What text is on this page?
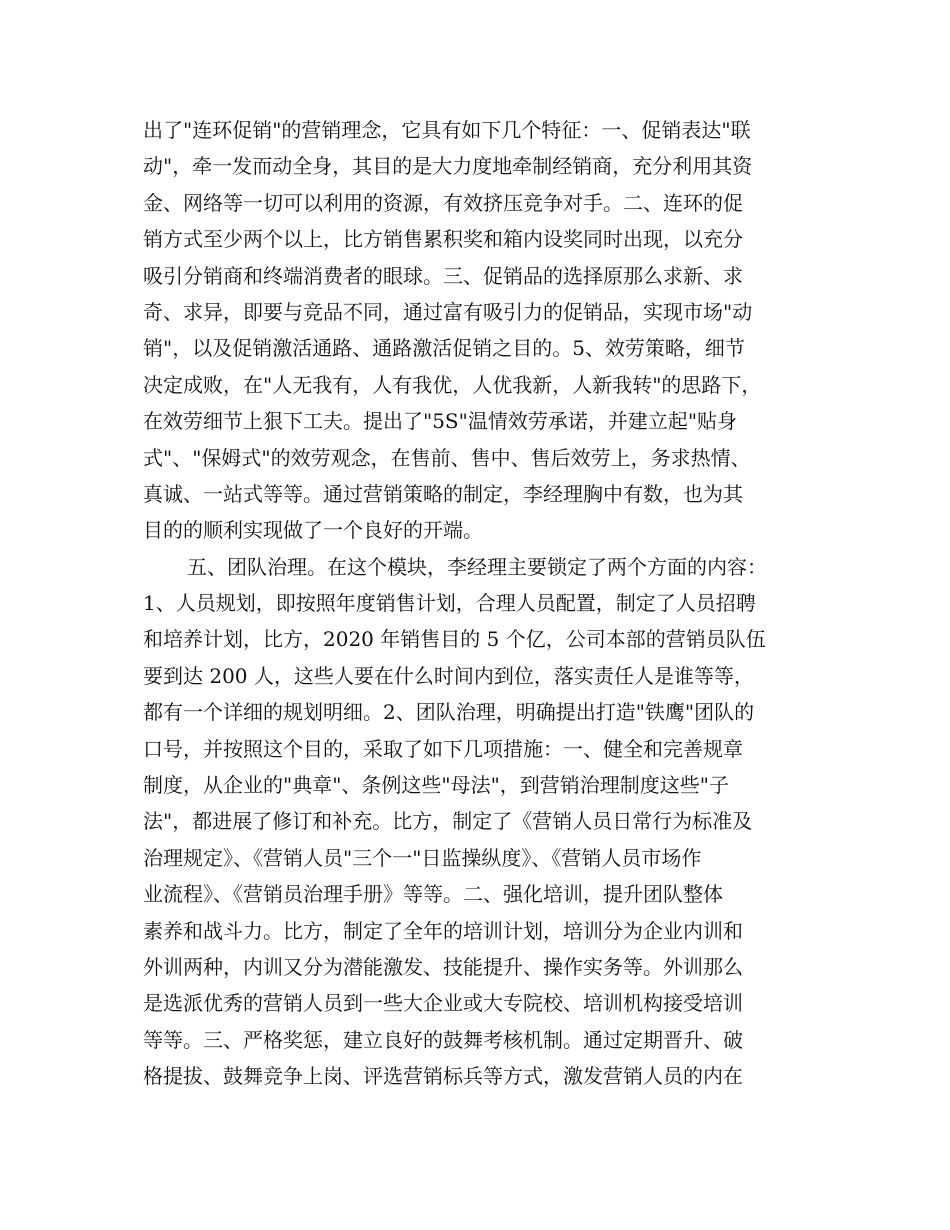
出了"连环促销"的营销理念，它具有如下几个特征：一、促销表达"联
动"，牵一发而动全身，其目的是大力度地牵制经销商，充分利用其资
金、网络等一切可以利用的资源，有效挤压竞争对手。二、连环的促
销方式至少两个以上，比方销售累积奖和箱内设奖同时出现，以充分
吸引分销商和终端消费者的眼球。三、促销品的选择原那么求新、求
奇、求异，即要与竞品不同，通过富有吸引力的促销品，实现市场"动
销"，以及促销激活通路、通路激活促销之目的。5、效劳策略，细节
决定成败，在"人无我有，人有我优，人优我新，人新我转"的思路下，
在效劳细节上狠下工夫。提出了"5S"温情效劳承诺，并建立起"贴身
式"、"保姆式"的效劳观念，在售前、售中、售后效劳上，务求热情、
真诚、一站式等等。通过营销策略的制定，李经理胸中有数，也为其
目的的顺利实现做了一个良好的开端。

五、团队治理。在这个模块，李经理主要锁定了两个方面的内容：
1、人员规划，即按照年度销售计划，合理人员配置，制定了人员招聘
和培养计划，比方，2020 年销售目的 5 个亿，公司本部的营销员队伍
要到达 200 人，这些人要在什么时间内到位，落实责任人是谁等等，
都有一个详细的规划明细。2、团队治理，明确提出打造"铁鹰"团队的
口号，并按照这个目的，采取了如下几项措施：一、健全和完善规章
制度，从企业的"典章"、条例这些"母法"，到营销治理制度这些"子
法"，都进展了修订和补充。比方，制定了《营销人员日常行为标准及
治理规定》、《营销人员"三个一"日监操纵度》、《营销人员市场作
业流程》、《营销员治理手册》等等。二、强化培训，提升团队整体
素养和战斗力。比方，制定了全年的培训计划，培训分为企业内训和
外训两种，内训又分为潜能激发、技能提升、操作实务等。外训那么
是选派优秀的营销人员到一些大企业或大专院校、培训机构接受培训
等等。三、严格奖惩，建立良好的鼓舞考核机制。通过定期晋升、破
格提拔、鼓舞竞争上岗、评选营销标兵等方式，激发营销人员的内在
